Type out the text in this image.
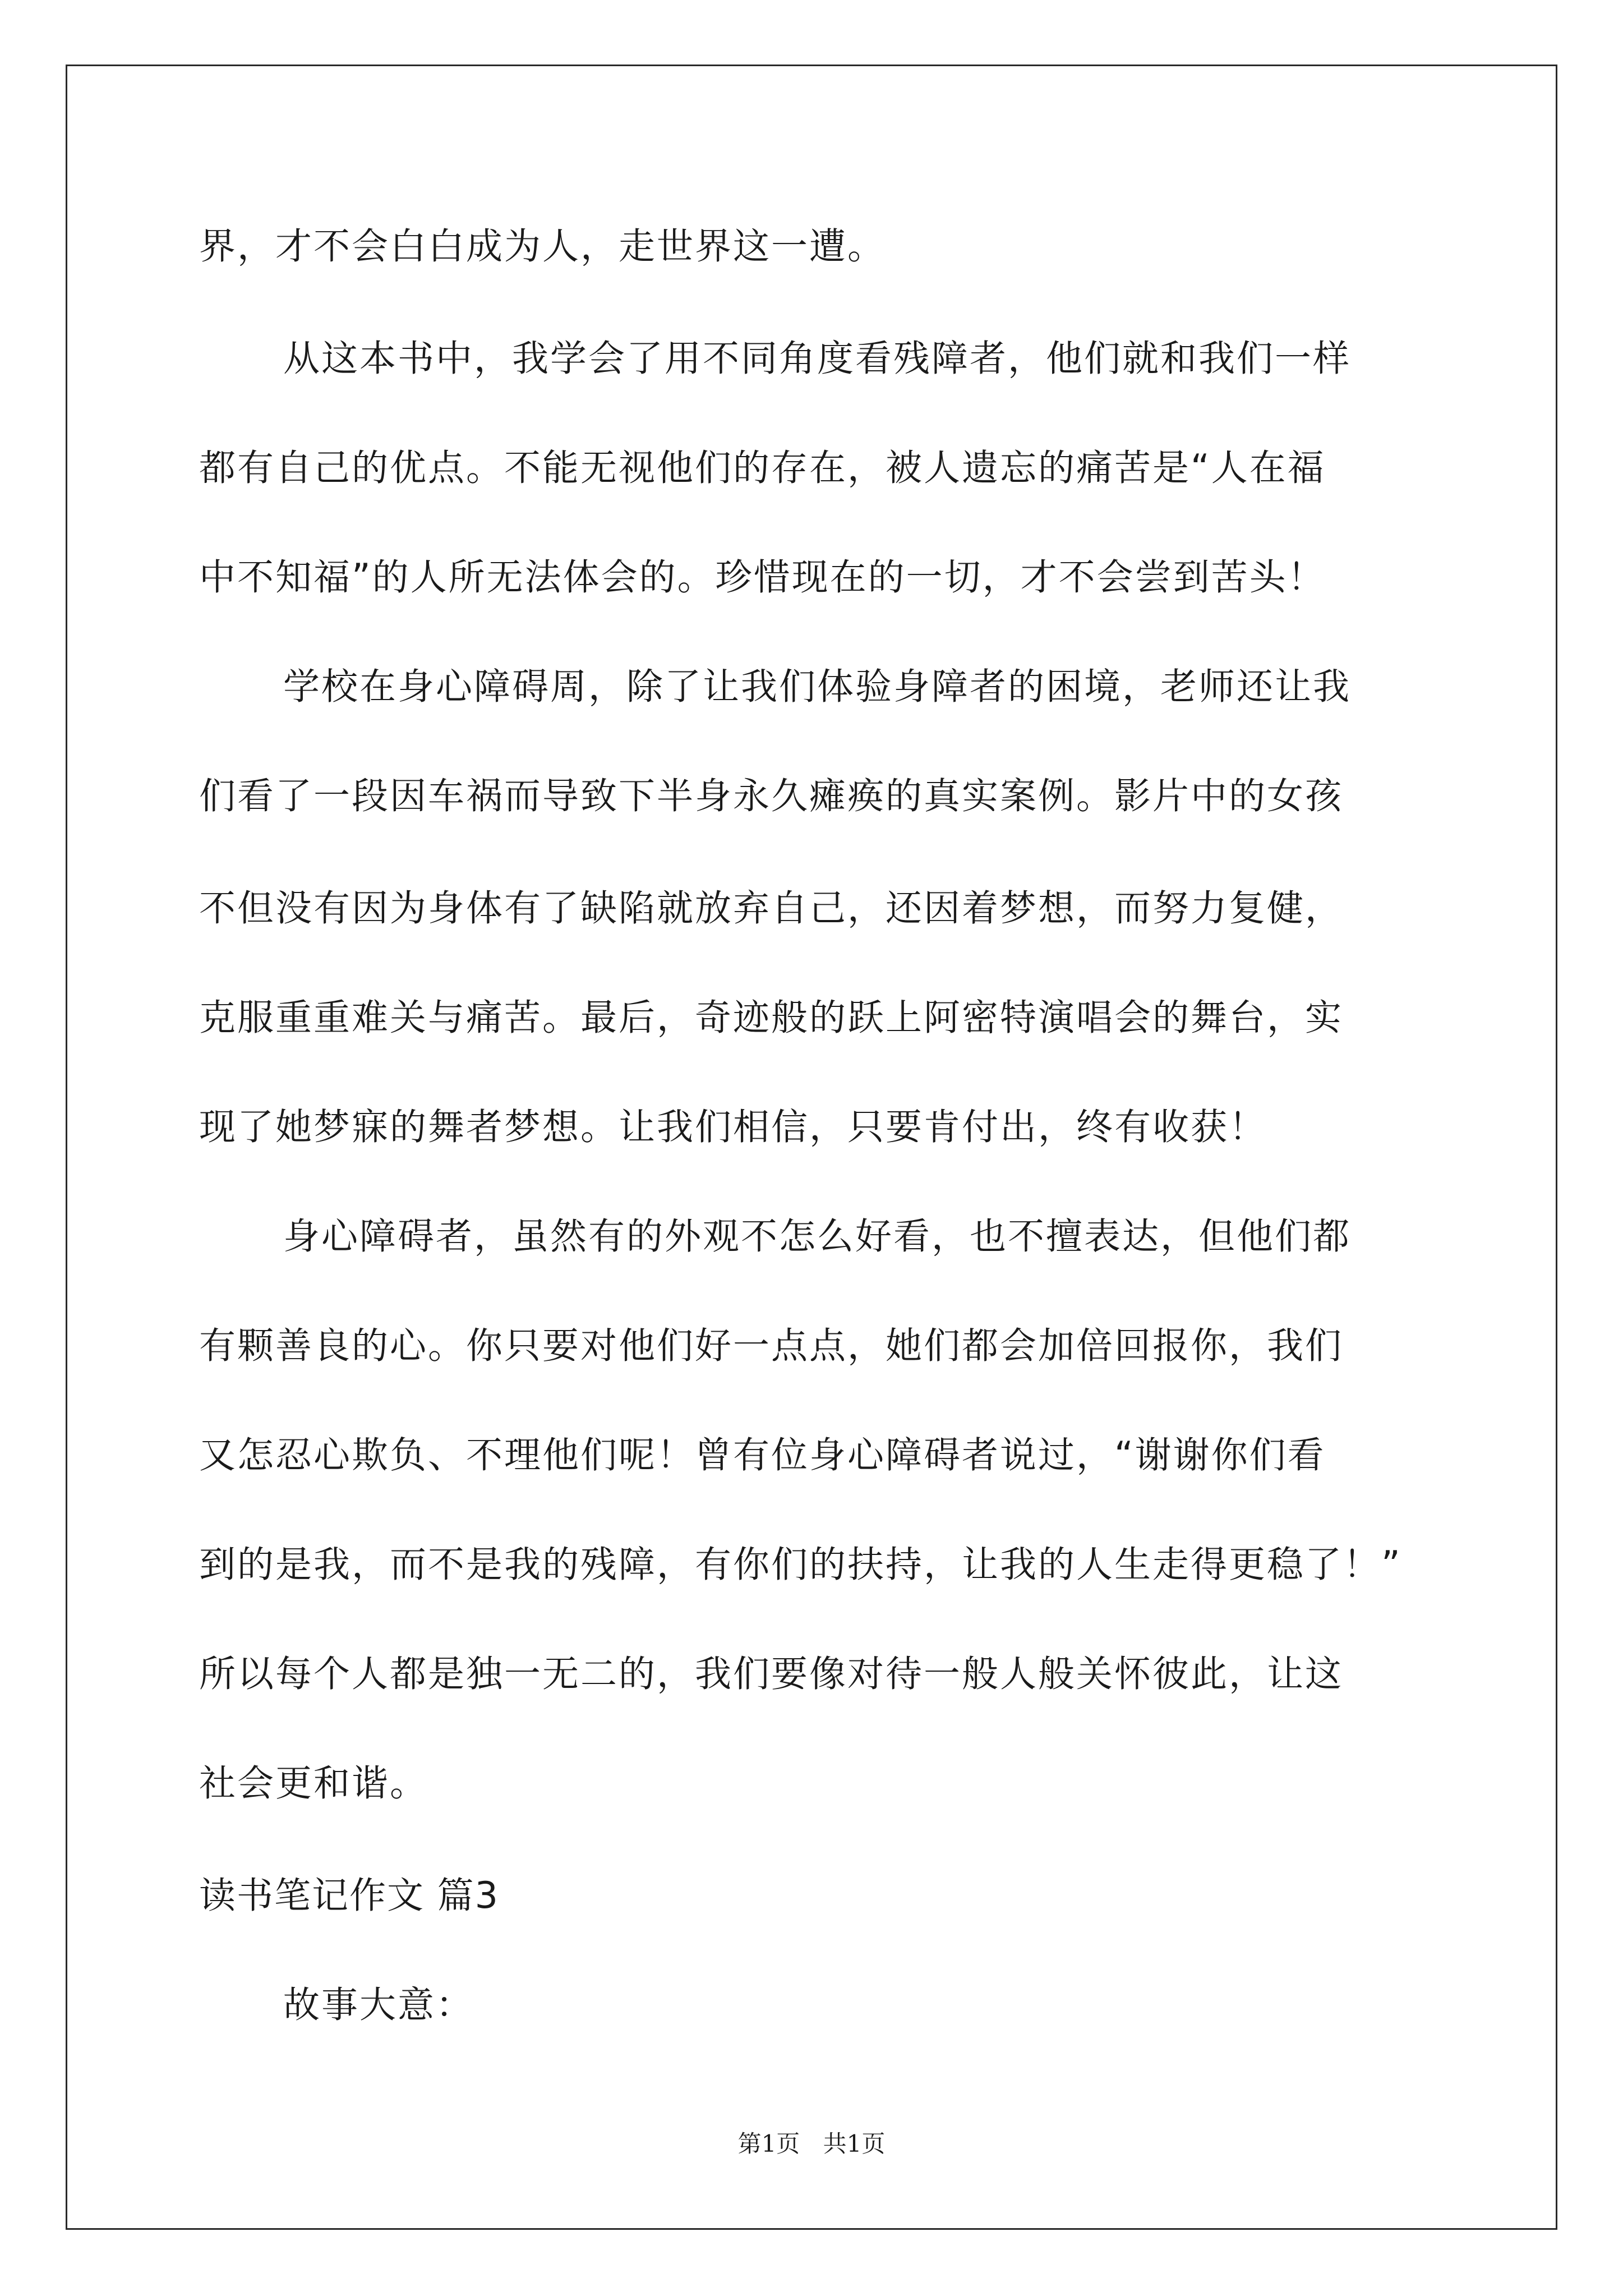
界，才不会白白成为人，走世界这一遭。
从这本书中，我学会了用不同角度看残障者，他们就和我们一样
都有自己的优点。不能无视他们的存在，被人遗忘的痛苦是“人在福
中不知福”的人所无法体会的。珍惜现在的一切，才不会尝到苦头！
学校在身心障碍周，除了让我们体验身障者的困境，老师还让我
们看了一段因车祸而导致下半身永久瘫痪的真实案例。影片中的女孩
不但没有因为身体有了缺陷就放弃自己，还因着梦想，而努力复健，
克服重重难关与痛苦。最后，奇迹般的跃上阿密特演唱会的舞台，实
现了她梦寐的舞者梦想。让我们相信，只要肯付出，终有收获！
身心障碍者，虽然有的外观不怎么好看，也不擅表达，但他们都
有颗善良的心。你只要对他们好一点点，她们都会加倍回报你，我们
又怎忍心欺负、不理他们呢！曾有位身心障碍者说过，“谢谢你们看
到的是我，而不是我的残障，有你们的扶持，让我的人生走得更稳了！”
所以每个人都是独一无二的，我们要像对待一般人般关怀彼此，让这
社会更和谐。
读书笔记作文 篇3
故事大意：
第1页 共1页
